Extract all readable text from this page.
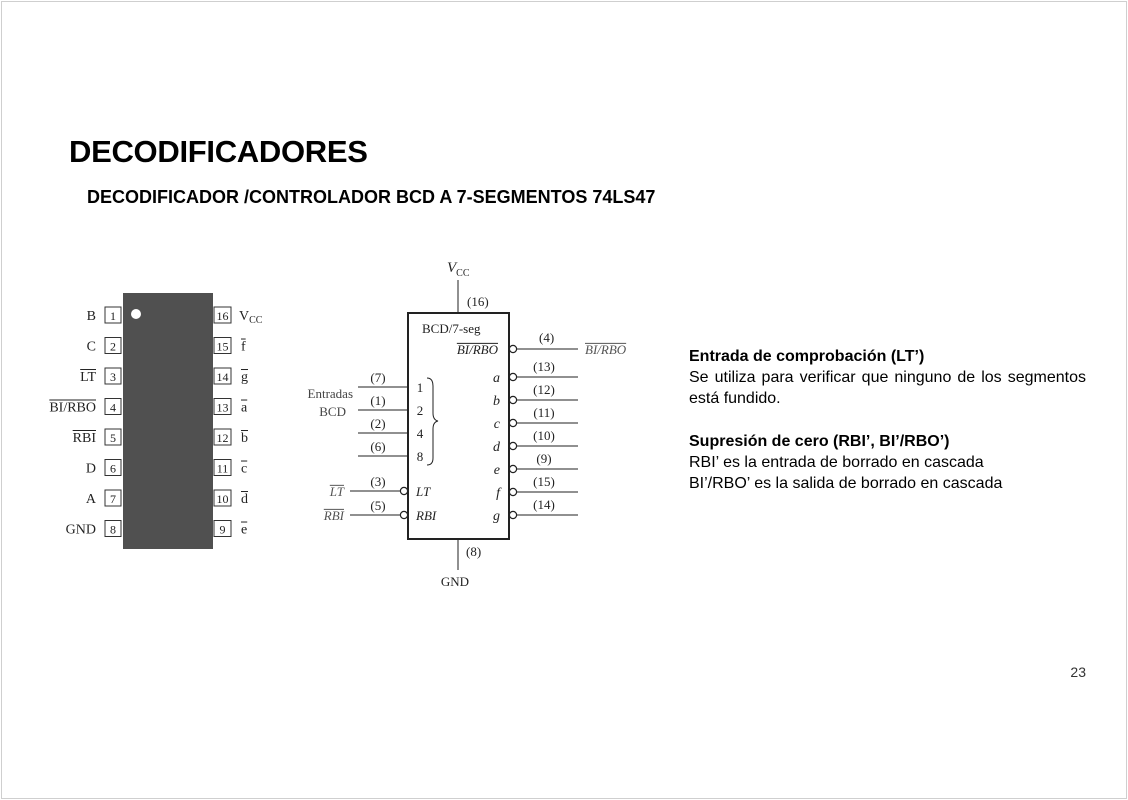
DECODIFICADORES
DECODIFICADOR /CONTROLADOR BCD A 7-SEGMENTOS 74LS47
Entrada de comprobación (LT’)
Se utiliza para verificar que ninguno de los segmentos está fundido.
Supresión de cero (RBI’, BI’/RBO’)
RBI’ es la entrada de borrado en cascada
BI’/RBO’ es la salida de borrado en cascada
23
1
B
2
C
3
LT
4
BI/RBO
5
RBI
6
D
7
A
8
GND
16 V CC
15 f
14 g
13 a
12 b
11 c
10 d
9 e
BCD/7-seg
V CC
(16)
(8)
GND
BI/RBO
(4)
BI/RBO
Entradas
BCD
(7)
1
(1)
2
(2)
4
(6)
8
LT
(3)
LT
RBI
(5)
RBI
a
(13)
b
(12)
c
(11)
d
(10)
e
(9)
f
(15)
g
(14)
